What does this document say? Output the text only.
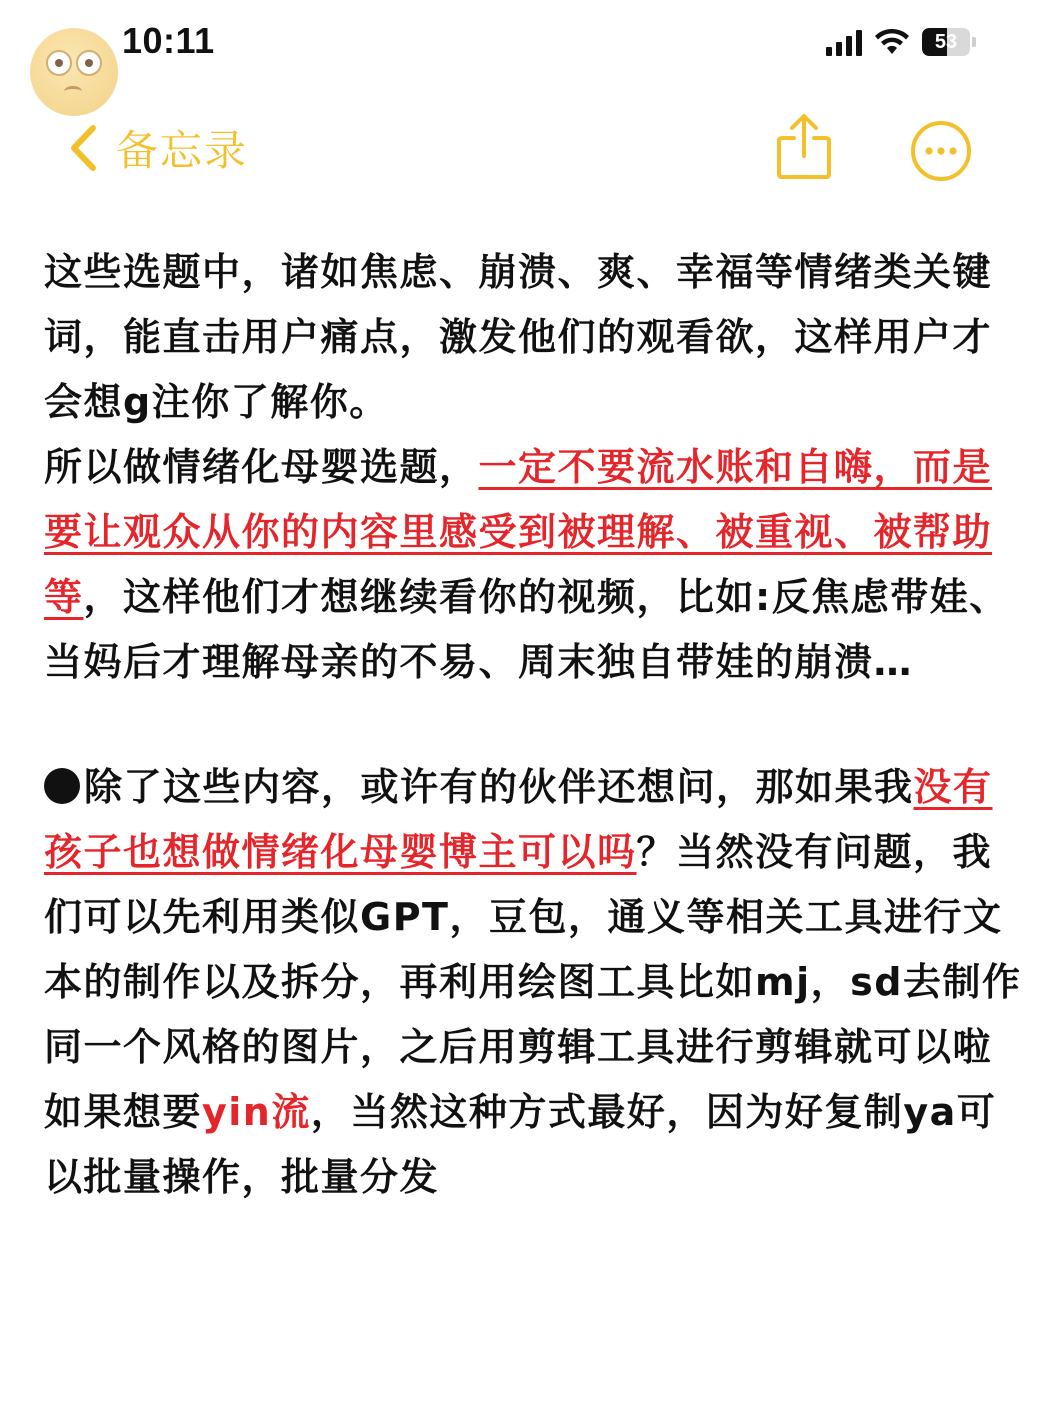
10:11	53
备忘录

这些选题中，诸如焦虑、崩溃、爽、幸福等情绪类关键词，能直击用户痛点，激发他们的观看欲，这样用户才会想g注你了解你。

所以做情绪化母婴选题，一定不要流水账和自嗨，而是要让观众从你的内容里感受到被理解、被重视、被帮助等，这样他们才想继续看你的视频，比如:反焦虑带娃、当妈后才理解母亲的不易、周末独自带娃的崩溃…

除了这些内容，或许有的伙伴还想问，那如果我没有孩子也想做情绪化母婴博主可以吗？当然没有问题，我们可以先利用类似GPT，豆包，通义等相关工具进行文本的制作以及拆分，再利用绘图工具比如mj，sd去制作同一个风格的图片，之后用剪辑工具进行剪辑就可以啦

如果想要yin流，当然这种方式最好，因为好复制ya可以批量操作，批量分发
